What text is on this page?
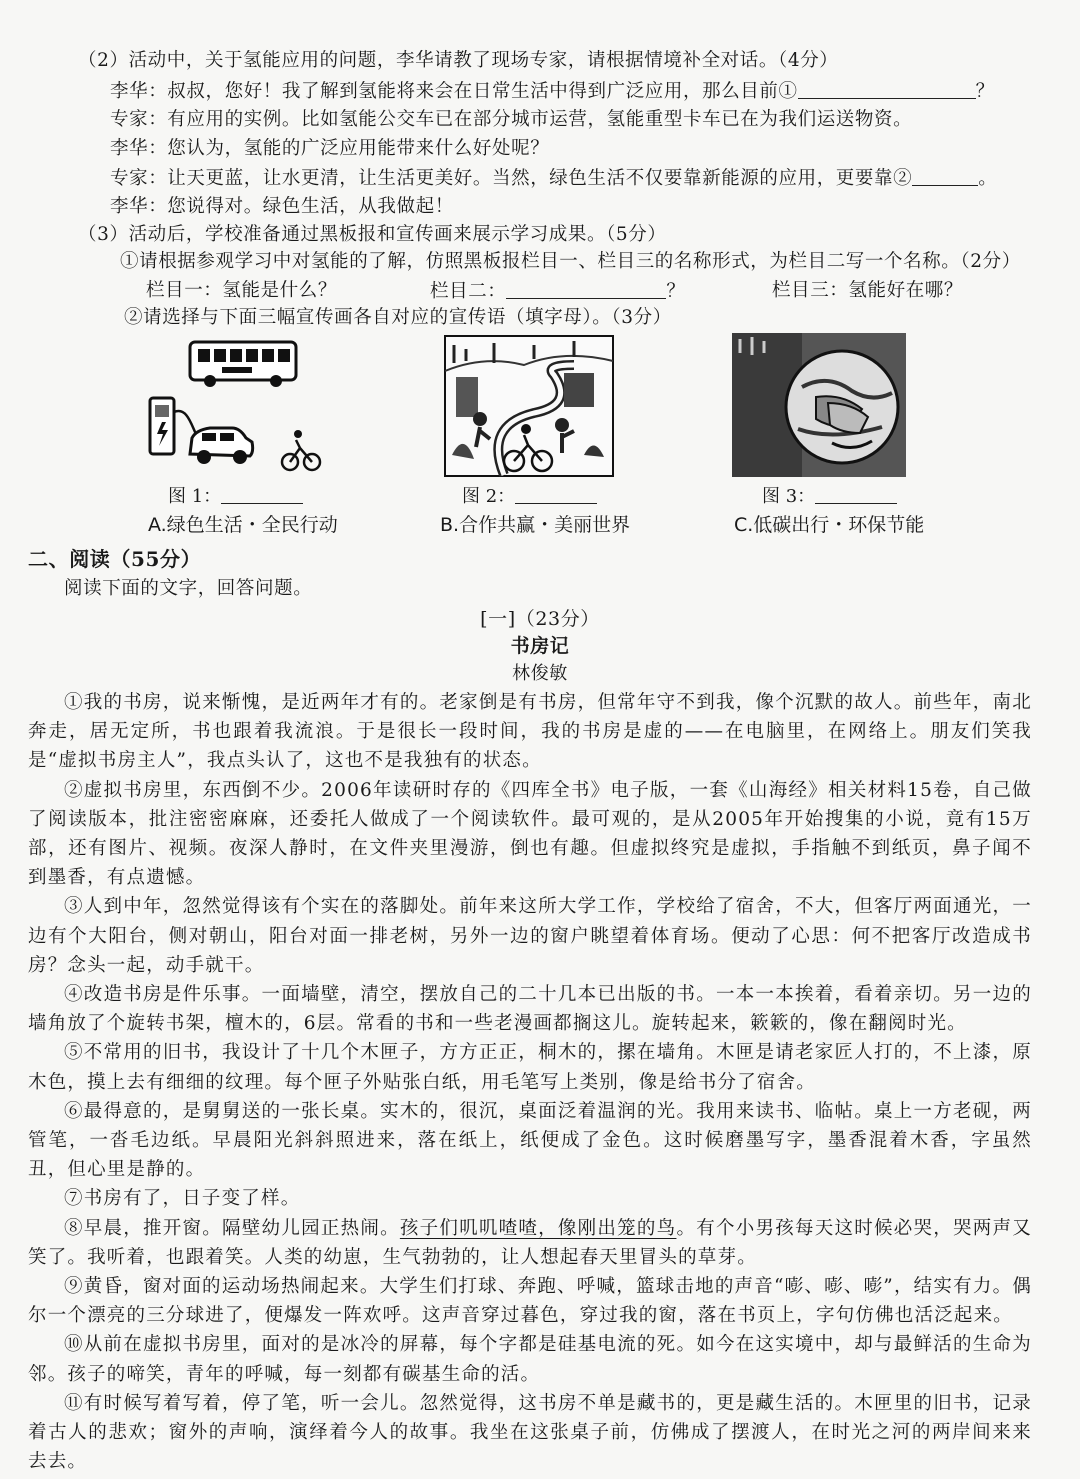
（2）活动中，关于氢能应用的问题，李华请教了现场专家，请根据情境补全对话。（4分）
李华：叔叔，您好！我了解到氢能将来会在日常生活中得到广泛应用，那么目前①	？
专家：有应用的实例。比如氢能公交车已在部分城市运营，氢能重型卡车已在为我们运送物资。
李华：您认为，氢能的广泛应用能带来什么好处呢？
专家：让天更蓝，让水更清，让生活更美好。当然，绿色生活不仅要靠新能源的应用，更要靠②	。
李华：您说得对。绿色生活，从我做起！
（3）活动后，学校准备通过黑板报和宣传画来展示学习成果。（5分）
①请根据参观学习中对氢能的了解，仿照黑板报栏目一、栏目三的名称形式，为栏目二写一个名称。（2分）
栏目一：氢能是什么？	栏目二：	？	栏目三：氢能好在哪？
②请选择与下面三幅宣传画各自对应的宣传语（填字母）。（3分）
图 1：	图 2：	图 3：
A.绿色生活・全民行动	B.合作共赢・美丽世界	C.低碳出行・环保节能
二、阅读（55分）
阅读下面的文字，回答问题。
[一]（23分）
书房记
林俊敏

①我的书房，说来惭愧，是近两年才有的。老家倒是有书房，但常年守不到我，像个沉默的故人。前些年，南北奔走，居无定所，书也跟着我流浪。于是很长一段时间，我的书房是虚的——在电脑里，在网络上。朋友们笑我是“虚拟书房主人”，我点头认了，这也不是我独有的状态。

②虚拟书房里，东西倒不少。2006年读研时存的《四库全书》电子版，一套《山海经》相关材料15卷，自己做了阅读版本，批注密密麻麻，还委托人做成了一个阅读软件。最可观的，是从2005年开始搜集的小说，竟有15万部，还有图片、视频。夜深人静时，在文件夹里漫游，倒也有趣。但虚拟终究是虚拟，手指触不到纸页，鼻子闻不到墨香，有点遗憾。

③人到中年，忽然觉得该有个实在的落脚处。前年来这所大学工作，学校给了宿舍，不大，但客厅两面通光，一边有个大阳台，侧对朝山，阳台对面一排老树，另外一边的窗户眺望着体育场。便动了心思：何不把客厅改造成书房？念头一起，动手就干。

④改造书房是件乐事。一面墙壁，清空，摆放自己的二十几本已出版的书。一本一本挨着，看着亲切。另一边的墙角放了个旋转书架，檀木的，6层。常看的书和一些老漫画都搁这儿。旋转起来，簌簌的，像在翻阅时光。

⑤不常用的旧书，我设计了十几个木匣子，方方正正，桐木的，摞在墙角。木匣是请老家匠人打的，不上漆，原木色，摸上去有细细的纹理。每个匣子外贴张白纸，用毛笔写上类别，像是给书分了宿舍。

⑥最得意的，是舅舅送的一张长桌。实木的，很沉，桌面泛着温润的光。我用来读书、临帖。桌上一方老砚，两管笔，一沓毛边纸。早晨阳光斜斜照进来，落在纸上，纸便成了金色。这时候磨墨写字，墨香混着木香，字虽然丑，但心里是静的。

⑦书房有了，日子变了样。

⑧早晨，推开窗。隔壁幼儿园正热闹。孩子们叽叽喳喳，像刚出笼的鸟。有个小男孩每天这时候必哭，哭两声又笑了。我听着，也跟着笑。人类的幼崽，生气勃勃的，让人想起春天里冒头的草芽。

⑨黄昏，窗对面的运动场热闹起来。大学生们打球、奔跑、呼喊，篮球击地的声音“嘭、嘭、嘭”，结实有力。偶尔一个漂亮的三分球进了，便爆发一阵欢呼。这声音穿过暮色，穿过我的窗，落在书页上，字句仿佛也活泛起来。

⑩从前在虚拟书房里，面对的是冰冷的屏幕，每个字都是硅基电流的死。如今在这实境中，却与最鲜活的生命为邻。孩子的啼笑，青年的呼喊，每一刻都有碳基生命的活。

⑪有时候写着写着，停了笔，听一会儿。忽然觉得，这书房不单是藏书的，更是藏生活的。木匣里的旧书，记录着古人的悲欢；窗外的声响，演绎着今人的故事。我坐在这张桌子前，仿佛成了摆渡人，在时光之河的两岸间来来去去。
